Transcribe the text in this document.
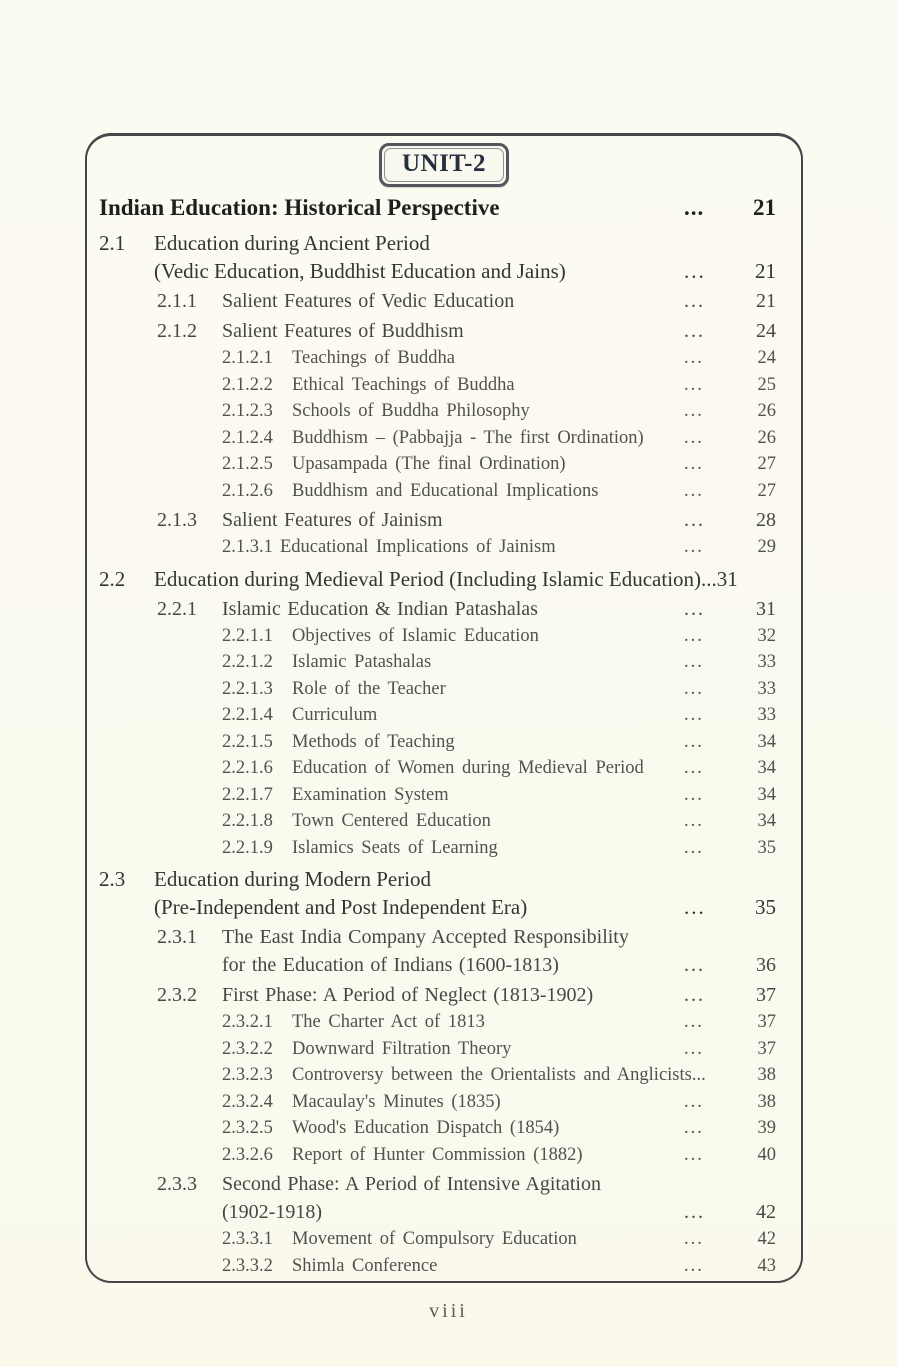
UNIT-2
Indian Education: Historical Perspective	...	21
2.1	Education during Ancient Period
(Vedic Education, Buddhist Education and Jains)	...	21
2.1.1	Salient Features of Vedic Education	...	21
2.1.2	Salient Features of Buddhism	...	24
2.1.2.1	Teachings of Buddha	...	24
2.1.2.2	Ethical Teachings of Buddha	...	25
2.1.2.3	Schools of Buddha Philosophy	...	26
2.1.2.4	Buddhism – (Pabbajja - The first Ordination)	...	26
2.1.2.5	Upasampada (The final Ordination)	...	27
2.1.2.6	Buddhism and Educational Implications	...	27
2.1.3	Salient Features of Jainism	...	28
2.1.3.1 Educational Implications of Jainism	...	29
2.2	Education during Medieval Period (Including Islamic Education)... 31
2.2.1	Islamic Education & Indian Patashalas	...	31
2.2.1.1	Objectives of Islamic Education	...	32
2.2.1.2	Islamic Patashalas	...	33
2.2.1.3	Role of the Teacher	...	33
2.2.1.4	Curriculum	...	33
2.2.1.5	Methods of Teaching	...	34
2.2.1.6	Education of Women during Medieval Period	...	34
2.2.1.7	Examination System	...	34
2.2.1.8	Town Centered Education	...	34
2.2.1.9	Islamics Seats of Learning	...	35
2.3	Education during Modern Period
(Pre-Independent and Post Independent Era)	...	35
2.3.1	The East India Company Accepted Responsibility
for the Education of Indians (1600-1813)	...	36
2.3.2	First Phase: A Period of Neglect (1813-1902)	...	37
2.3.2.1	The Charter Act of 1813	...	37
2.3.2.2	Downward Filtration Theory	...	37
2.3.2.3	Controversy between the Orientalists and Anglicists...	38
2.3.2.4	Macaulay's Minutes (1835)	...	38
2.3.2.5	Wood's Education Dispatch (1854)	...	39
2.3.2.6	Report of Hunter Commission (1882)	...	40
2.3.3	Second Phase: A Period of Intensive Agitation
(1902-1918)	...	42
2.3.3.1	Movement of Compulsory Education	...	42
2.3.3.2	Shimla Conference	...	43
viii
